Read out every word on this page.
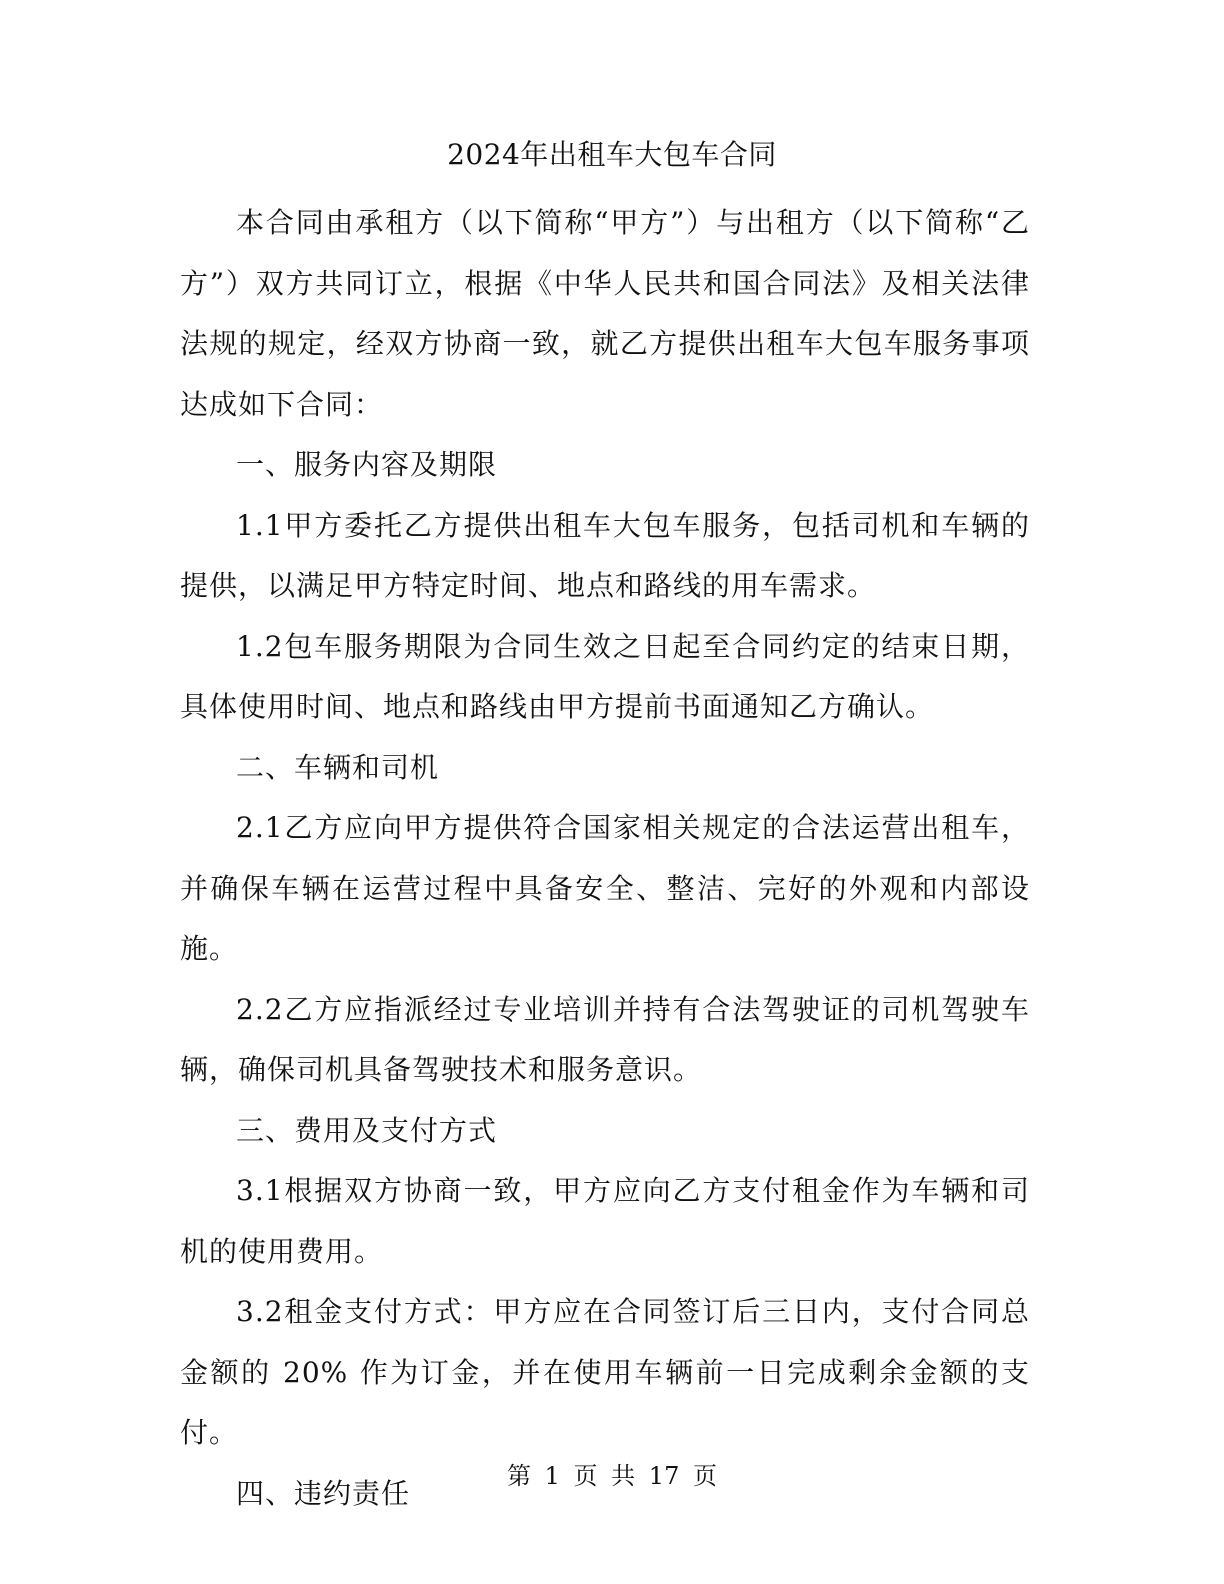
2024年出租车大包车合同

本合同由承租方（以下简称“甲方”）与出租方（以下简称“乙方”）双方共同订立，根据《中华人民共和国合同法》及相关法律法规的规定，经双方协商一致，就乙方提供出租车大包车服务事项达成如下合同：

一、服务内容及期限

1.1甲方委托乙方提供出租车大包车服务，包括司机和车辆的提供，以满足甲方特定时间、地点和路线的用车需求。

1.2包车服务期限为合同生效之日起至合同约定的结束日期，具体使用时间、地点和路线由甲方提前书面通知乙方确认。

二、车辆和司机

2.1乙方应向甲方提供符合国家相关规定的合法运营出租车，并确保车辆在运营过程中具备安全、整洁、完好的外观和内部设施。

2.2乙方应指派经过专业培训并持有合法驾驶证的司机驾驶车辆，确保司机具备驾驶技术和服务意识。

三、费用及支付方式

3.1根据双方协商一致，甲方应向乙方支付租金作为车辆和司机的使用费用。

3.2租金支付方式：甲方应在合同签订后三日内，支付合同总金额的 20% 作为订金，并在使用车辆前一日完成剩余金额的支付。

四、违约责任

第 1 页 共 17 页
